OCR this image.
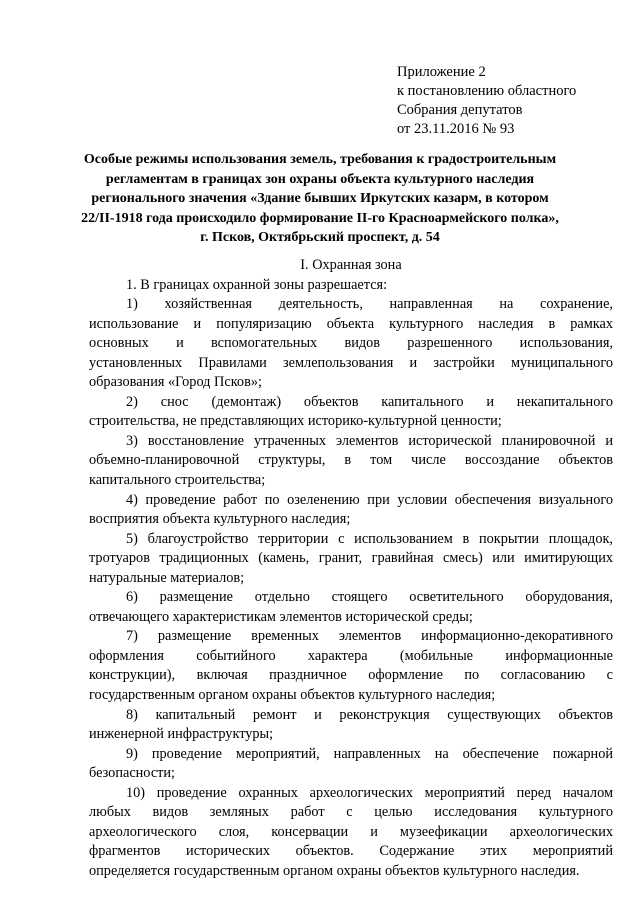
Приложение 2
к постановлению областного
Собрания депутатов
от 23.11.2016 № 93
Особые режимы использования земель, требования к градостроительным
регламентам в границах зон охраны объекта культурного наследия
регионального значения «Здание бывших Иркутских казарм, в котором
22/II-1918 года происходило формирование II-го Красноармейского полка»,
г. Псков, Октябрьский проспект, д. 54
I. Охранная зона
1. В границах охранной зоны разрешается:
1) хозяйственная деятельность, направленная на сохранение,
использование и популяризацию объекта культурного наследия в рамках
основных и вспомогательных видов разрешенного использования,
установленных Правилами землепользования и застройки муниципального
образования «Город Псков»;
2) снос (демонтаж) объектов капитального и некапитального
строительства, не представляющих историко-культурной ценности;
3) восстановление утраченных элементов исторической планировочной и
объемно-планировочной структуры, в том числе воссоздание объектов
капитального строительства;
4) проведение работ по озеленению при условии обеспечения визуального
восприятия объекта культурного наследия;
5) благоустройство территории с использованием в покрытии площадок,
тротуаров традиционных (камень, гранит, гравийная смесь) или имитирующих
натуральные материалов;
6) размещение отдельно стоящего осветительного оборудования,
отвечающего характеристикам элементов исторической среды;
7) размещение временных элементов информационно-декоративного
оформления событийного характера (мобильные информационные
конструкции), включая праздничное оформление по согласованию с
государственным органом охраны объектов культурного наследия;
8) капитальный ремонт и реконструкция существующих объектов
инженерной инфраструктуры;
9) проведение мероприятий, направленных на обеспечение пожарной
безопасности;
10) проведение охранных археологических мероприятий перед началом
любых видов земляных работ с целью исследования культурного
археологического слоя, консервации и музеефикации археологических
фрагментов исторических объектов. Содержание этих мероприятий
определяется государственным органом охраны объектов культурного наследия.
